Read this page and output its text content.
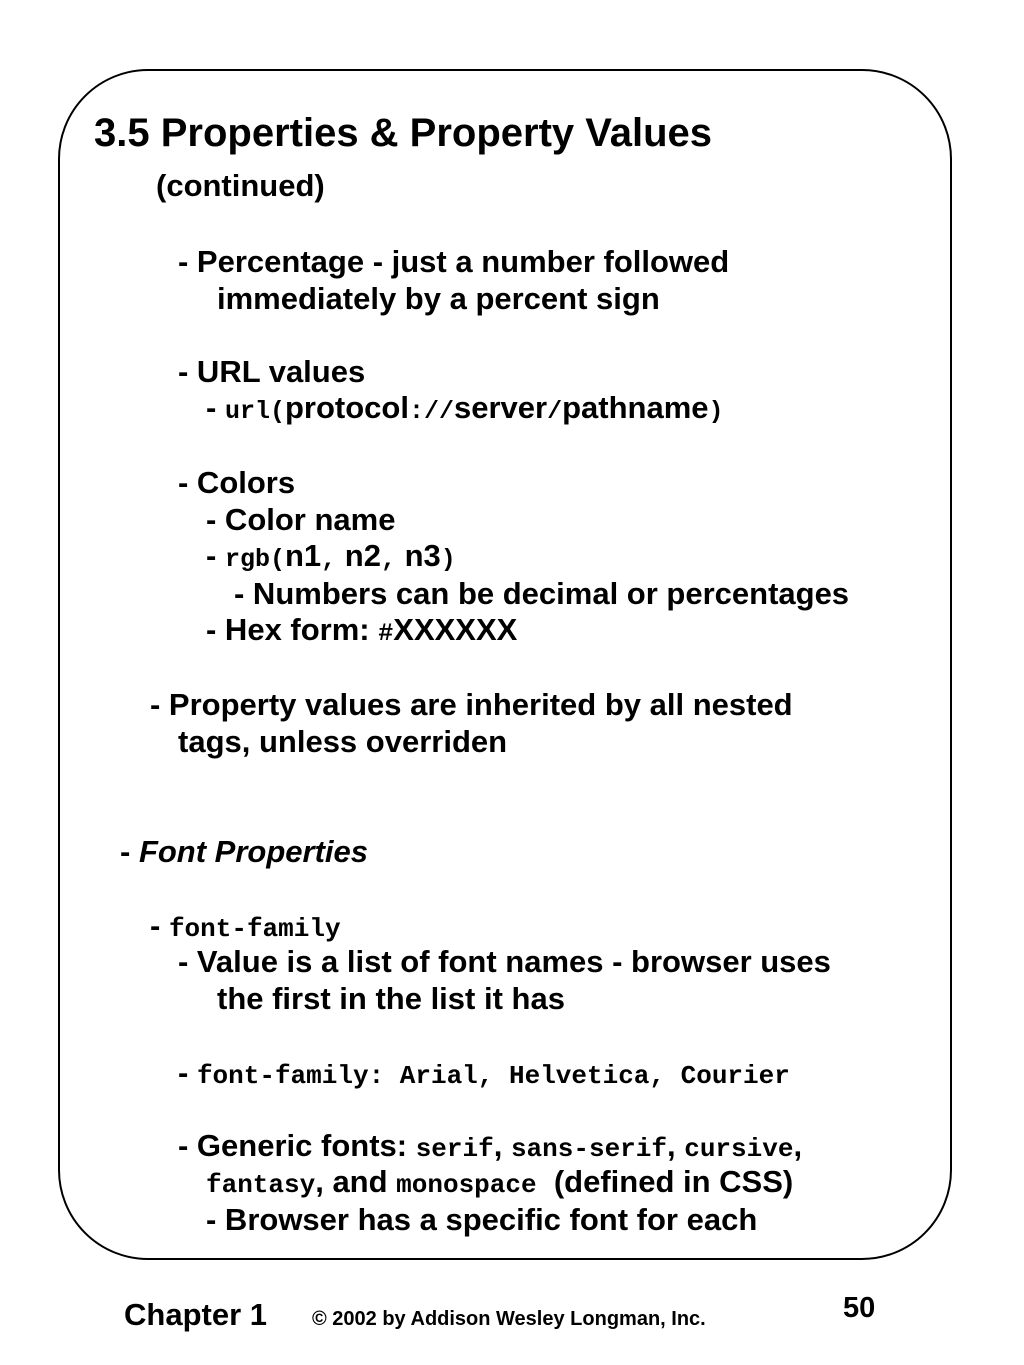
3.5 Properties & Property Values
(continued)
- Percentage - just a number followed
immediately by a percent sign
- URL values
- url(protocol://server/pathname)
- Colors
- Color name
- rgb(n1, n2, n3)
- Numbers can be decimal or percentages
- Hex form: #XXXXXX
- Property values are inherited by all nested
tags, unless overriden
- Font Properties
- font-family
- Value is a list of font names - browser uses
the first in the list it has
- font-family: Arial, Helvetica, Courier
- Generic fonts: serif, sans-serif, cursive,
fantasy, and monospace  (defined in CSS)
- Browser has a specific font for each
Chapter 1 © 2002 by Addison Wesley Longman, Inc.	50
